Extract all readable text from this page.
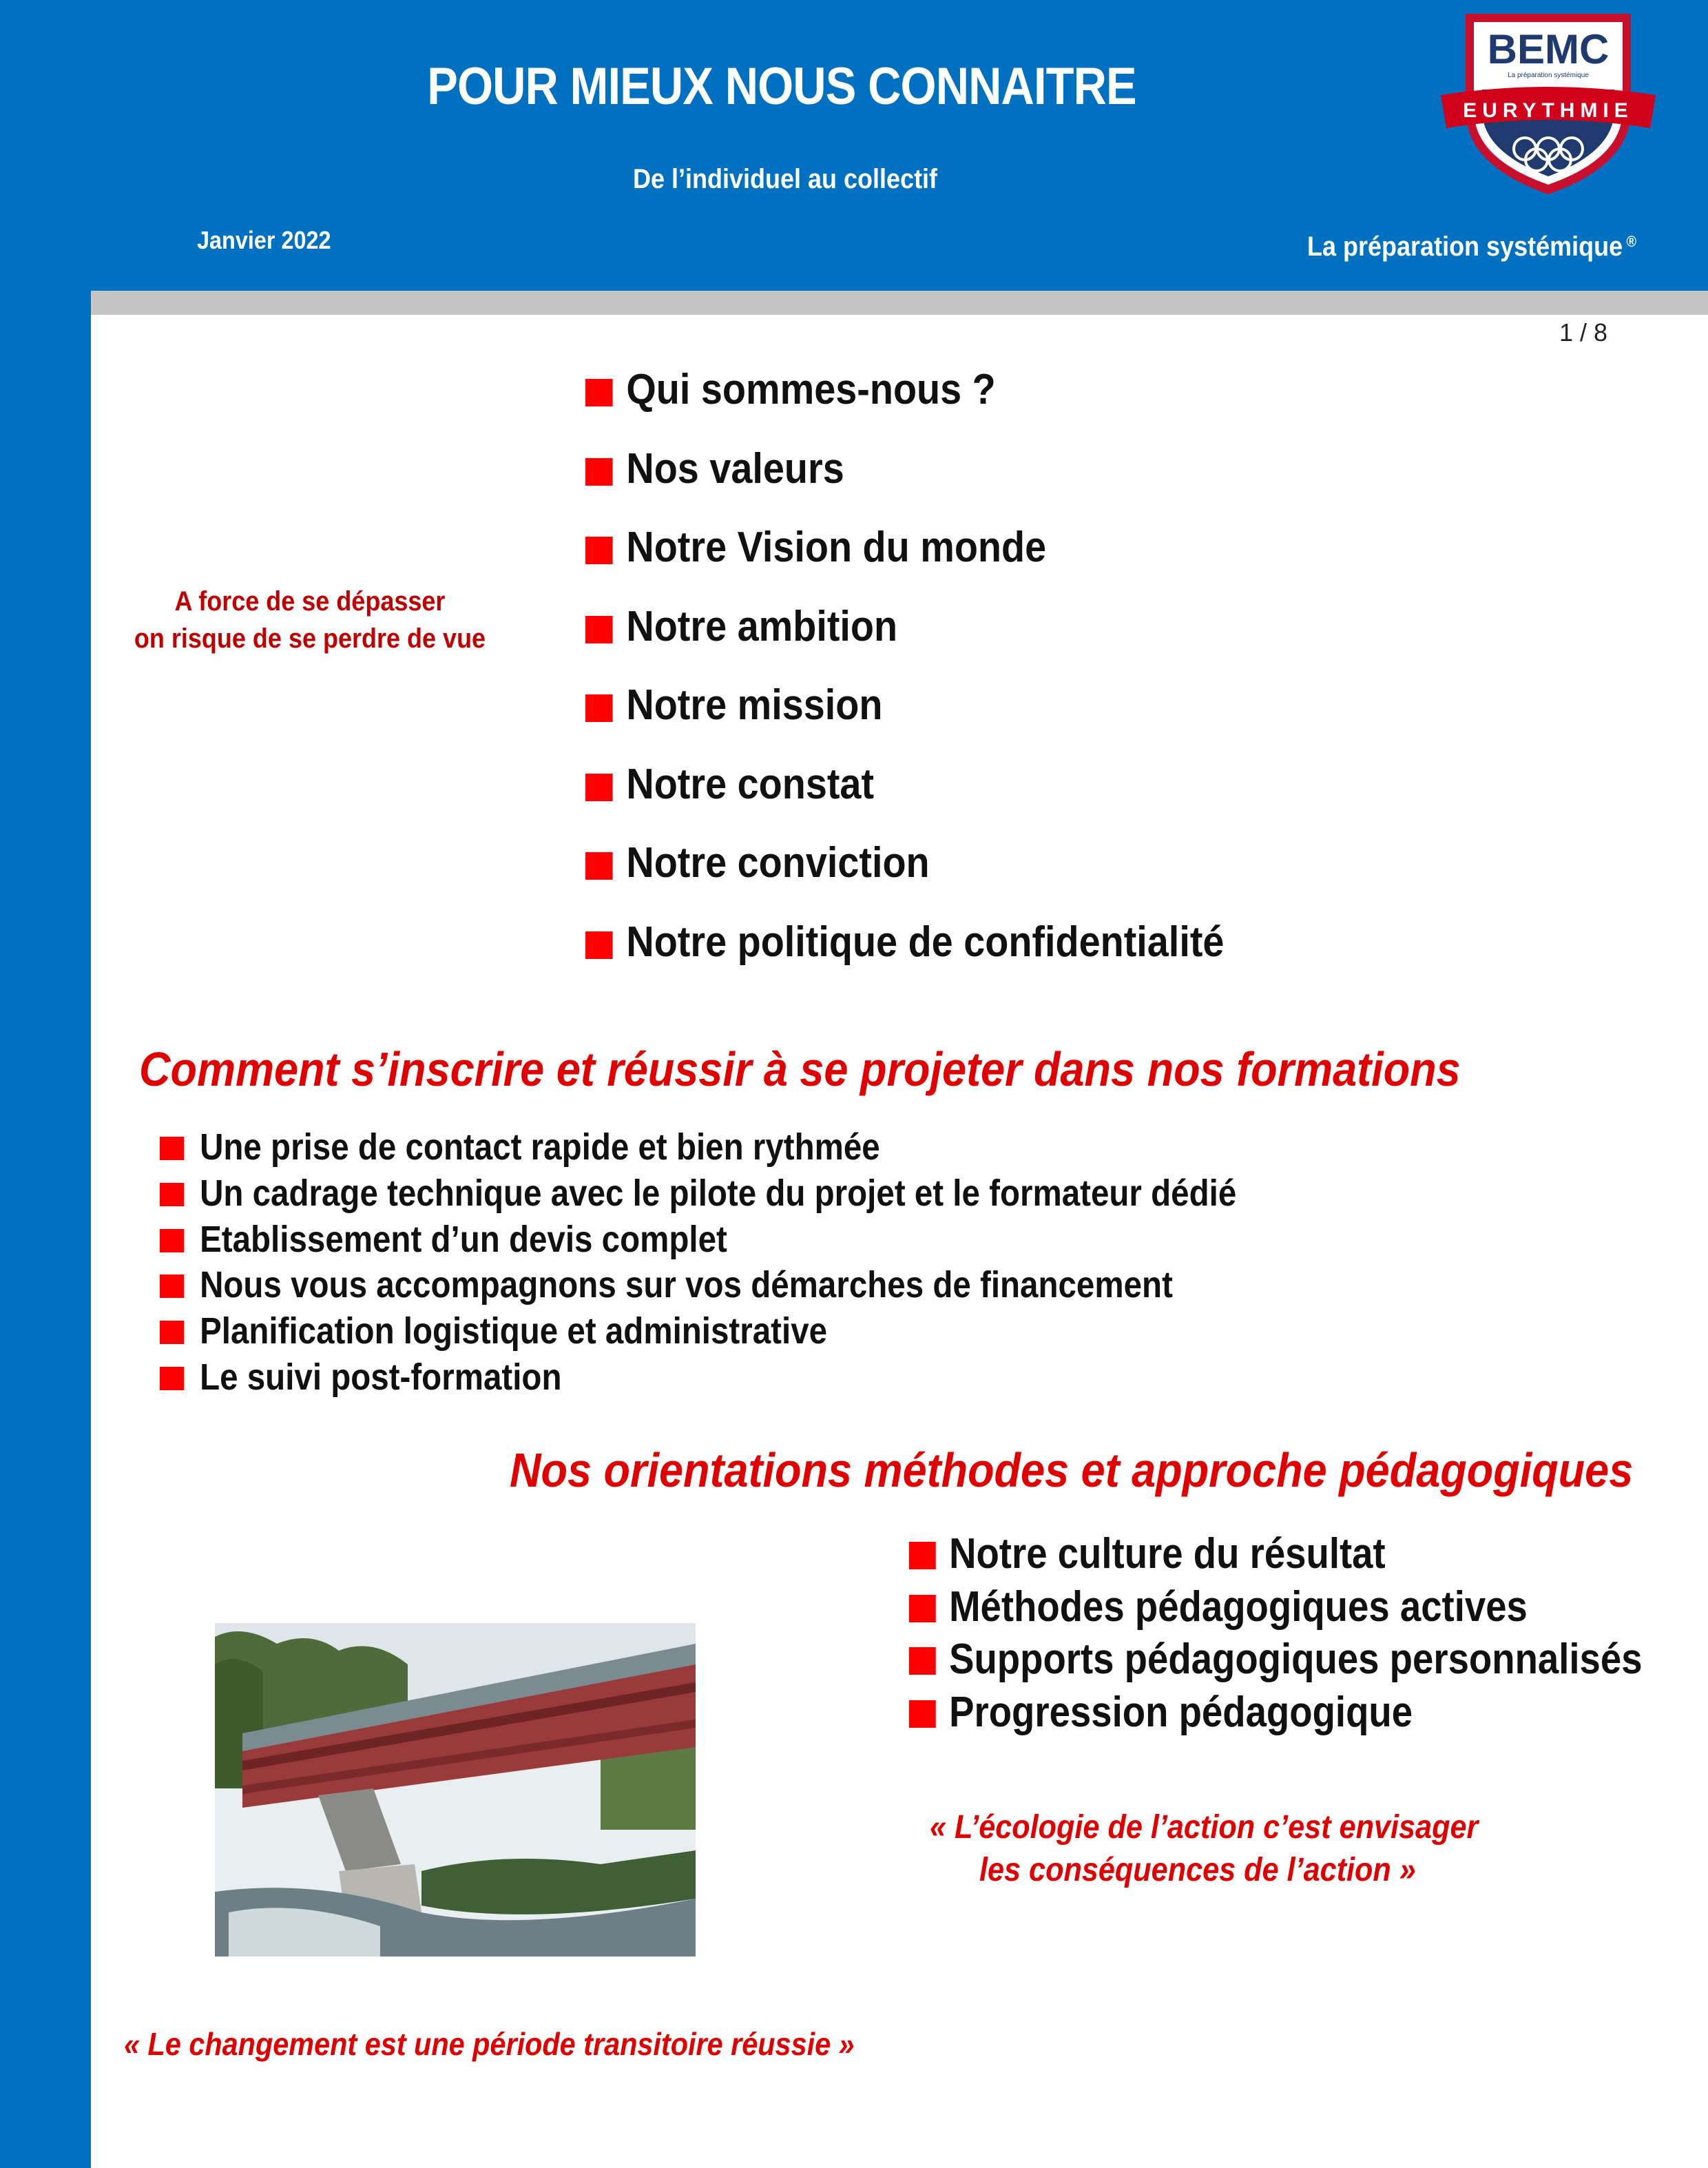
POUR MIEUX NOUS CONNAITRE
De l’individuel au collectif
Janvier 2022	La préparation systémique ®
BEMC
La préparation systémique
EURYTHMIE
1 / 8
A force de se dépasser
on risque de se perdre de vue
Qui sommes-nous ?
Nos valeurs
Notre Vision du monde
Notre ambition
Notre mission
Notre constat
Notre conviction
Notre politique de confidentialité
Comment s’inscrire et réussir à se projeter dans nos formations
Une prise de contact rapide et bien rythmée
Un cadrage technique avec le pilote du projet et le formateur dédié
Etablissement d’un devis complet
Nous vous accompagnons sur vos démarches de financement
Planification logistique et administrative
Le suivi post-formation
Nos orientations méthodes et approche pédagogiques
Notre culture du résultat
Méthodes pédagogiques actives
Supports pédagogiques personnalisés
Progression pédagogique
« L’écologie de l’action c’est envisager
les conséquences de l’action »
« Le changement est une période transitoire réussie »
